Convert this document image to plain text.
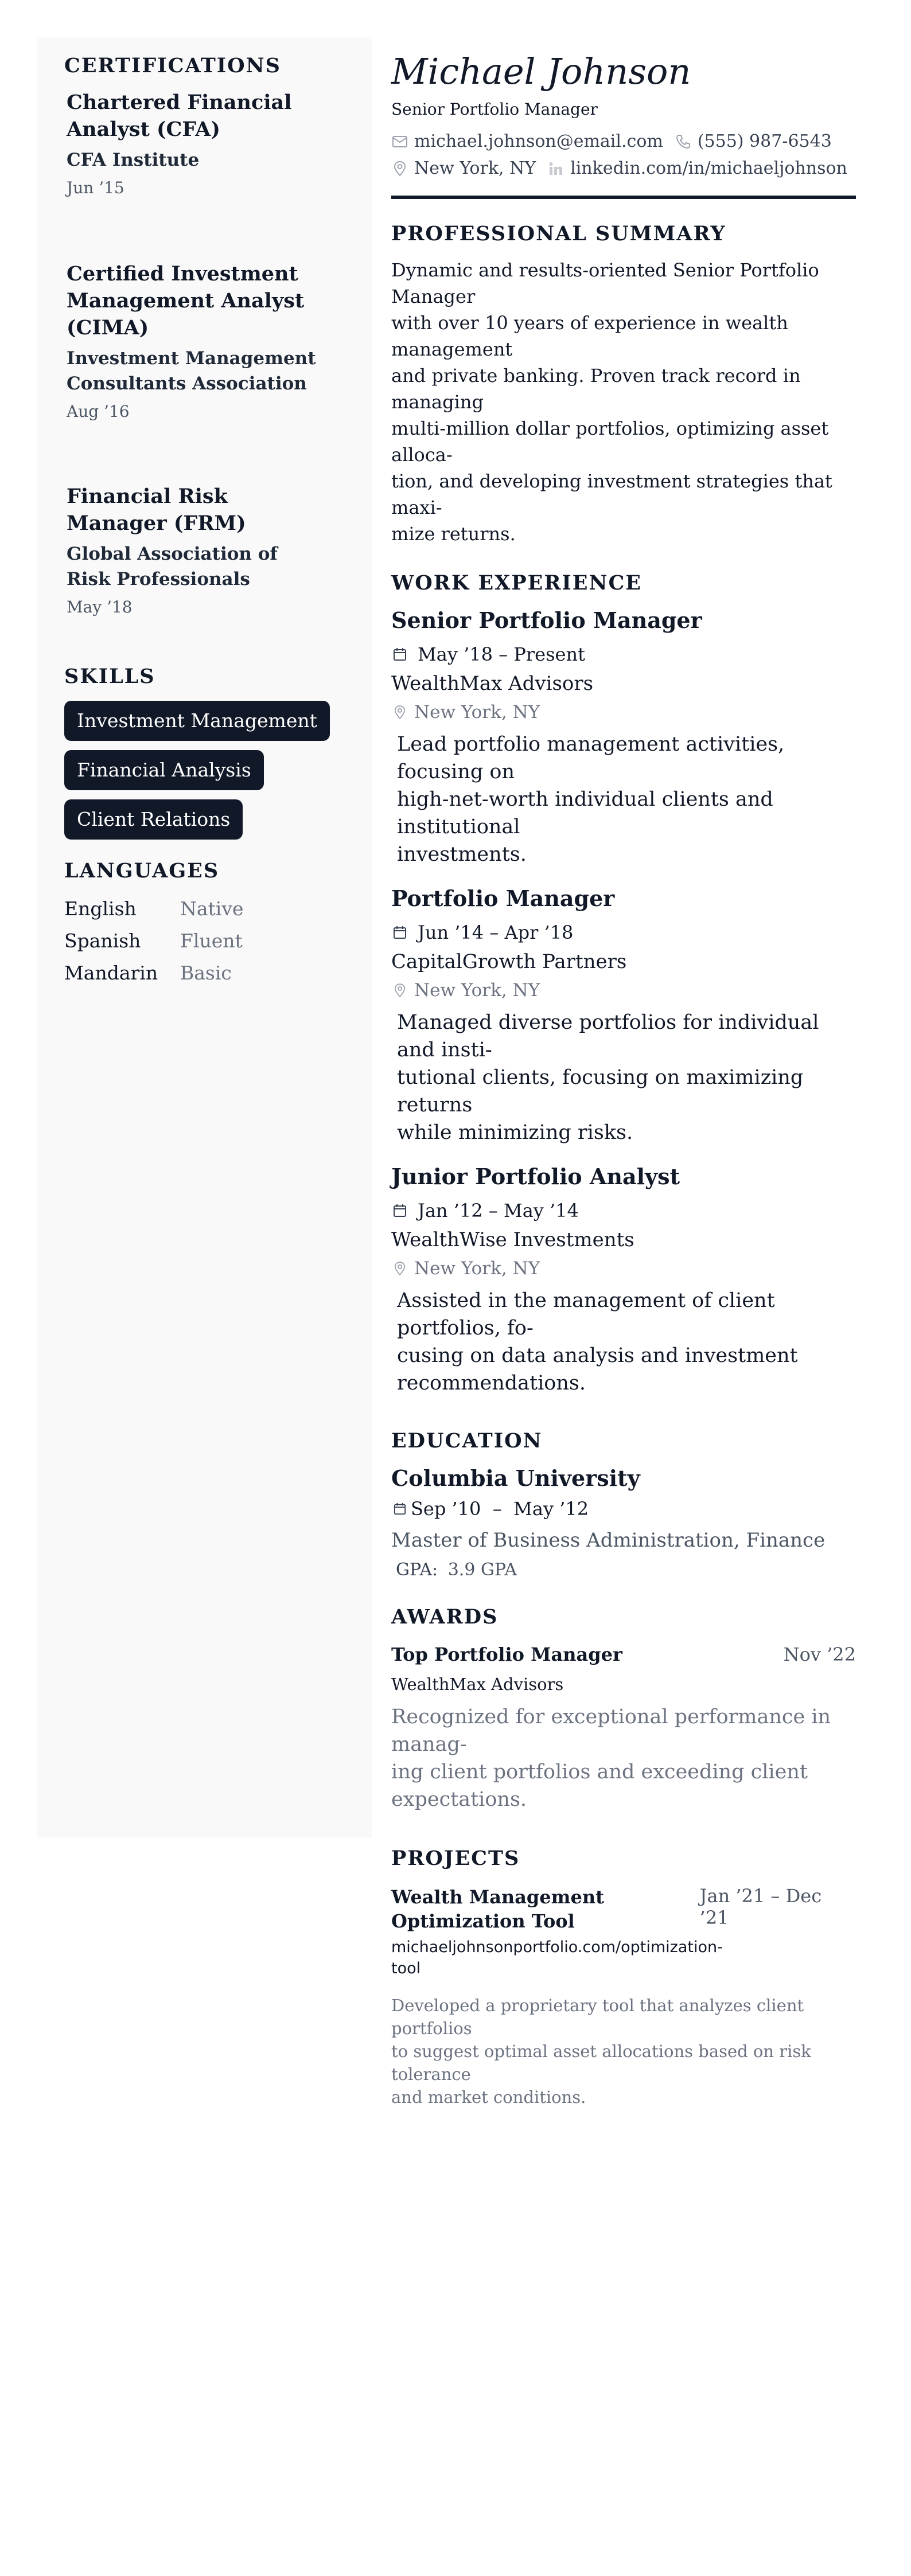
CERTIFICATIONS
Chartered Financial Analyst (CFA)
CFA Institute
Jun ’15
Certified Investment Management Analyst (CIMA)
Investment Management Consultants Association
Aug ’16
Financial Risk Manager (FRM)
Global Association of Risk Professionals
May ’18
SKILLS
Investment Management
Financial Analysis
Client Relations
LANGUAGES
English	Native
Spanish	Fluent
Mandarin	Basic
Michael Johnson
Senior Portfolio Manager
michael.johnson@email.com (555) 987-6543
New York, NY linkedin.com/in/michaeljohnson
PROFESSIONAL SUMMARY
Dynamic and results-oriented Senior Portfolio Manager
with over 10 years of experience in wealth management
and private banking. Proven track record in managing
multi-million dollar portfolios, optimizing asset alloca-
tion, and developing investment strategies that maxi-
mize returns.
WORK EXPERIENCE
Senior Portfolio Manager
May ’18 – Present
WealthMax Advisors
New York, NY
Lead portfolio management activities, focusing on
high-net-worth individual clients and institutional
investments.
Portfolio Manager
Jun ’14 – Apr ’18
CapitalGrowth Partners
New York, NY
Managed diverse portfolios for individual and insti-
tutional clients, focusing on maximizing returns
while minimizing risks.
Junior Portfolio Analyst
Jan ’12 – May ’14
WealthWise Investments
New York, NY
Assisted in the management of client portfolios, fo-
cusing on data analysis and investment
recommendations.
EDUCATION
Columbia University
Sep ’10  –  May ’12
Master of Business Administration, Finance
GPA: 3.9 GPA
AWARDS
Top Portfolio Manager	Nov ’22
WealthMax Advisors
Recognized for exceptional performance in manag-
ing client portfolios and exceeding client
expectations.
PROJECTS
Wealth Management Optimization Tool
Jan ’21 – Dec ’21
michaeljohnsonportfolio.com/optimization-
tool
Developed a proprietary tool that analyzes client portfolios
to suggest optimal asset allocations based on risk tolerance
and market conditions.
